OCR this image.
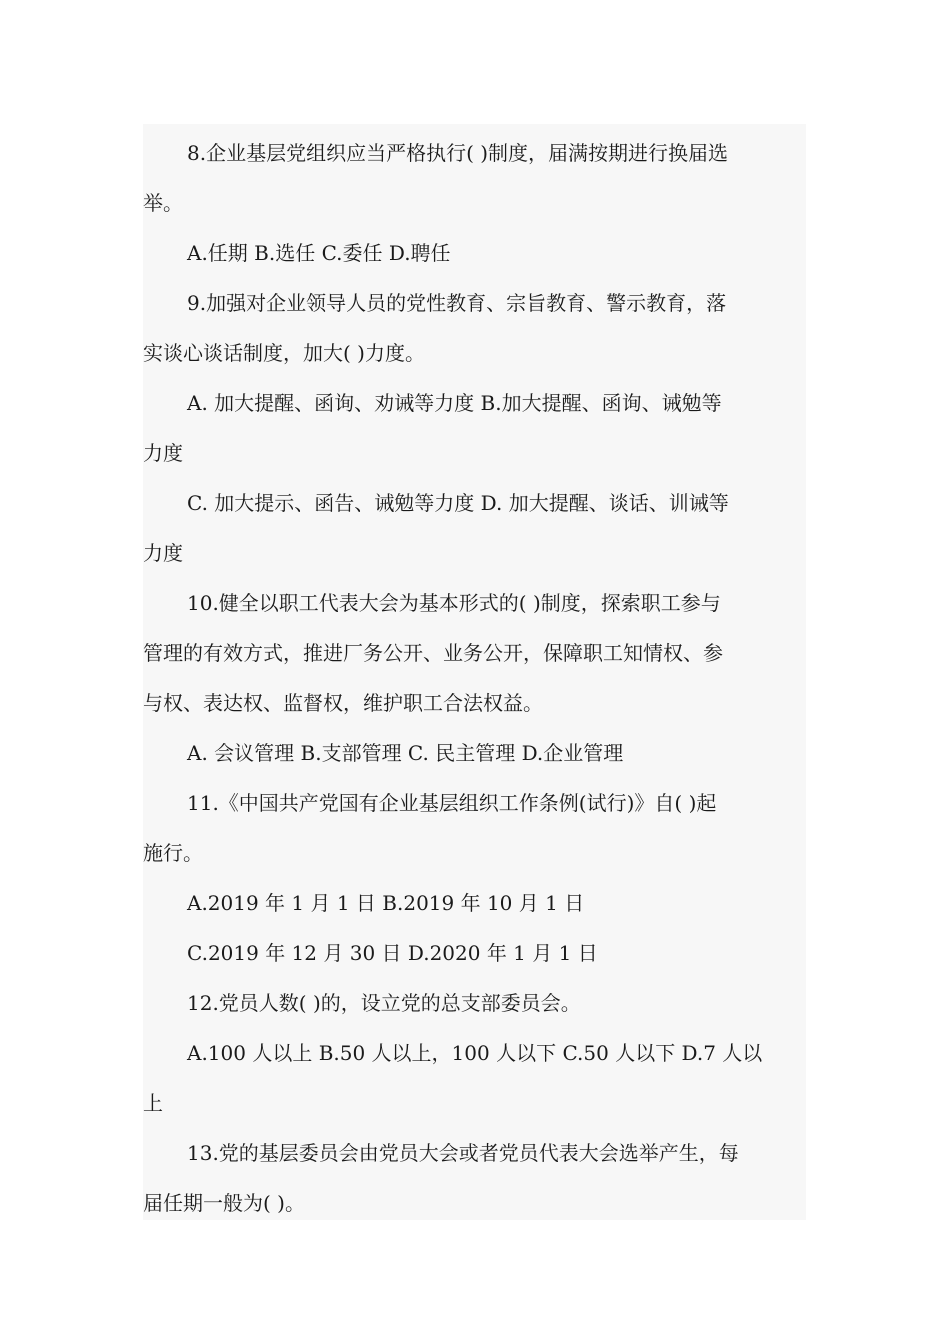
8.企业基层党组织应当严格执行( )制度，届满按期进行换届选
举。
A.任期 B.选任 C.委任 D.聘任
9.加强对企业领导人员的党性教育、宗旨教育、警示教育，落
实谈心谈话制度，加大( )力度。
A. 加大提醒、函询、劝诫等力度 B.加大提醒、函询、诫勉等
力度
C. 加大提示、函告、诫勉等力度 D. 加大提醒、谈话、训诫等
力度
10.健全以职工代表大会为基本形式的( )制度，探索职工参与
管理的有效方式，推进厂务公开、业务公开，保障职工知情权、参
与权、表达权、监督权，维护职工合法权益。
A. 会议管理 B.支部管理 C. 民主管理 D.企业管理
11.《中国共产党国有企业基层组织工作条例(试行)》自( )起
施行。
A.2019 年 1 月 1 日 B.2019 年 10 月 1 日
C.2019 年 12 月 30 日 D.2020 年 1 月 1 日
12.党员人数( )的，设立党的总支部委员会。
A.100 人以上 B.50 人以上，100 人以下 C.50 人以下 D.7 人以
上
13.党的基层委员会由党员大会或者党员代表大会选举产生，每
届任期一般为( )。
